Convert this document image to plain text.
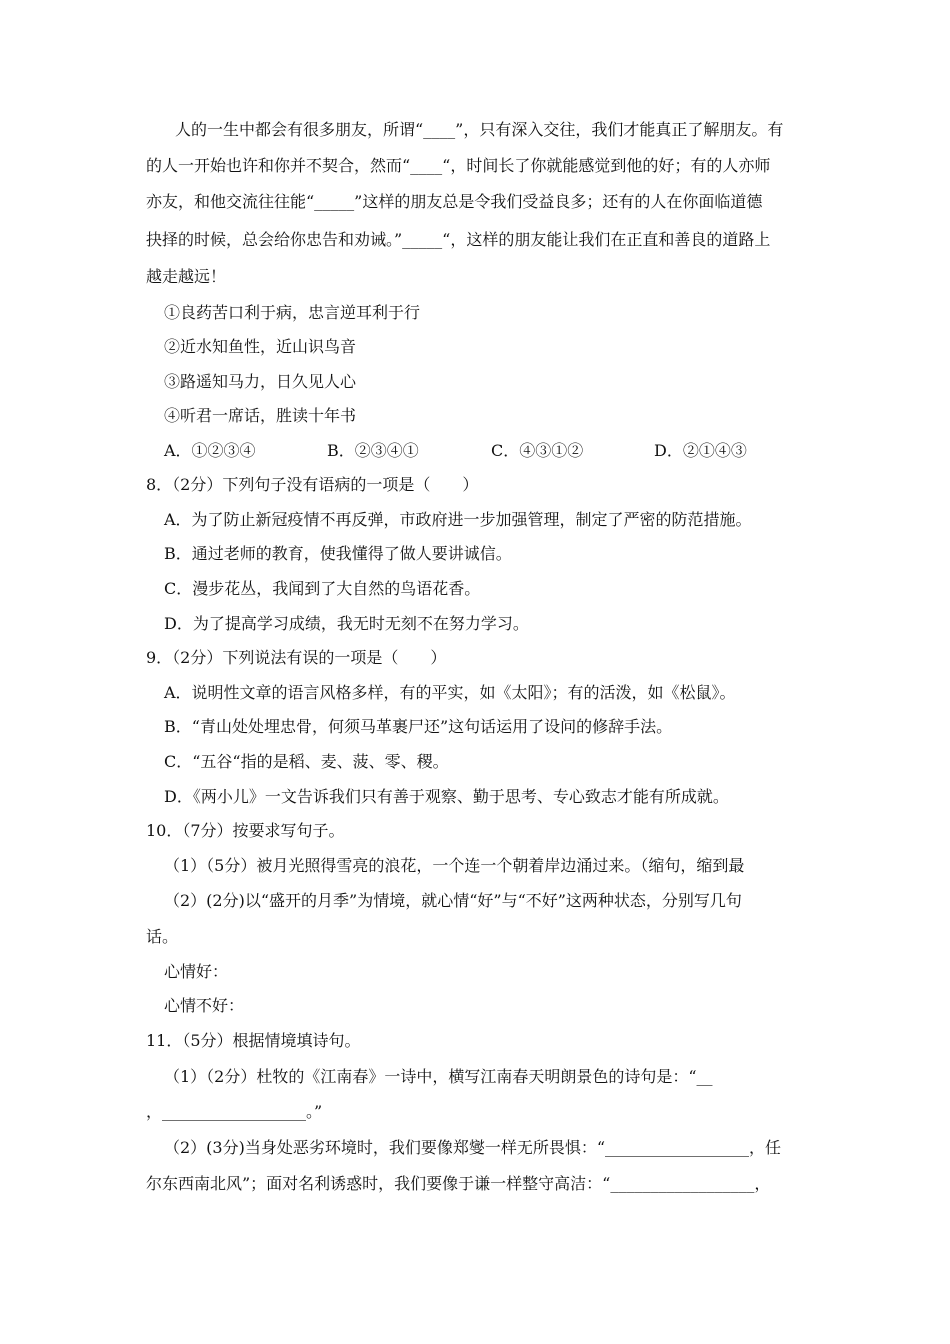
人的一生中都会有很多朋友，所谓“____”，只有深入交往，我们才能真正了解朋友。有
的人一开始也许和你并不契合，然而“____“，时间长了你就能感觉到他的好；有的人亦师
亦友，和他交流往往能“_____”这样的朋友总是令我们受益良多；还有的人在你面临道德
抉择的时候，总会给你忠告和劝诫。”_____“，这样的朋友能让我们在正直和善良的道路上
越走越远！
①良药苦口利于病，忠言逆耳利于行
②近水知鱼性，近山识鸟音
③路遥知马力，日久见人心
④听君一席话，胜读十年书
A．①②③④	B．②③④①	C．④③①②	D．②①④③
8．（2分）下列句子没有语病的一项是（　　）
A．为了防止新冠疫情不再反弹，市政府进一步加强管理，制定了严密的防范措施。
B．通过老师的教育，使我懂得了做人要讲诚信。
C．漫步花丛，我闻到了大自然的鸟语花香。
D．为了提高学习成绩，我无时无刻不在努力学习。
9．（2分）下列说法有误的一项是（　　）
A．说明性文章的语言风格多样，有的平实，如《太阳》；有的活泼，如《松鼠》。
B．“青山处处埋忠骨，何须马革裹尸还”这句话运用了设问的修辞手法。
C．“五谷“指的是稻、麦、菠、零、稷。
D．《两小儿》一文告诉我们只有善于观察、勤于思考、专心致志才能有所成就。
10．（7分）按要求写句子。
（1）（5分）被月光照得雪亮的浪花，一个连一个朝着岸边涌过来。（缩句，缩到最
（2）(2分)以“盛开的月季”为情境，就心情“好”与“不好”这两种状态，分别写几句
话。
心情好：
心情不好：
11．（5分）根据情境填诗句。
（1）（2分）杜牧的《江南春》一诗中，横写江南春天明朗景色的诗句是：“__
，__________________。”
（2）(3分)当身处恶劣环境时，我们要像郑燮一样无所畏惧：“__________________，任
尔东西南北风”；面对名利诱惑时，我们要像于谦一样整守高洁：“__________________，
